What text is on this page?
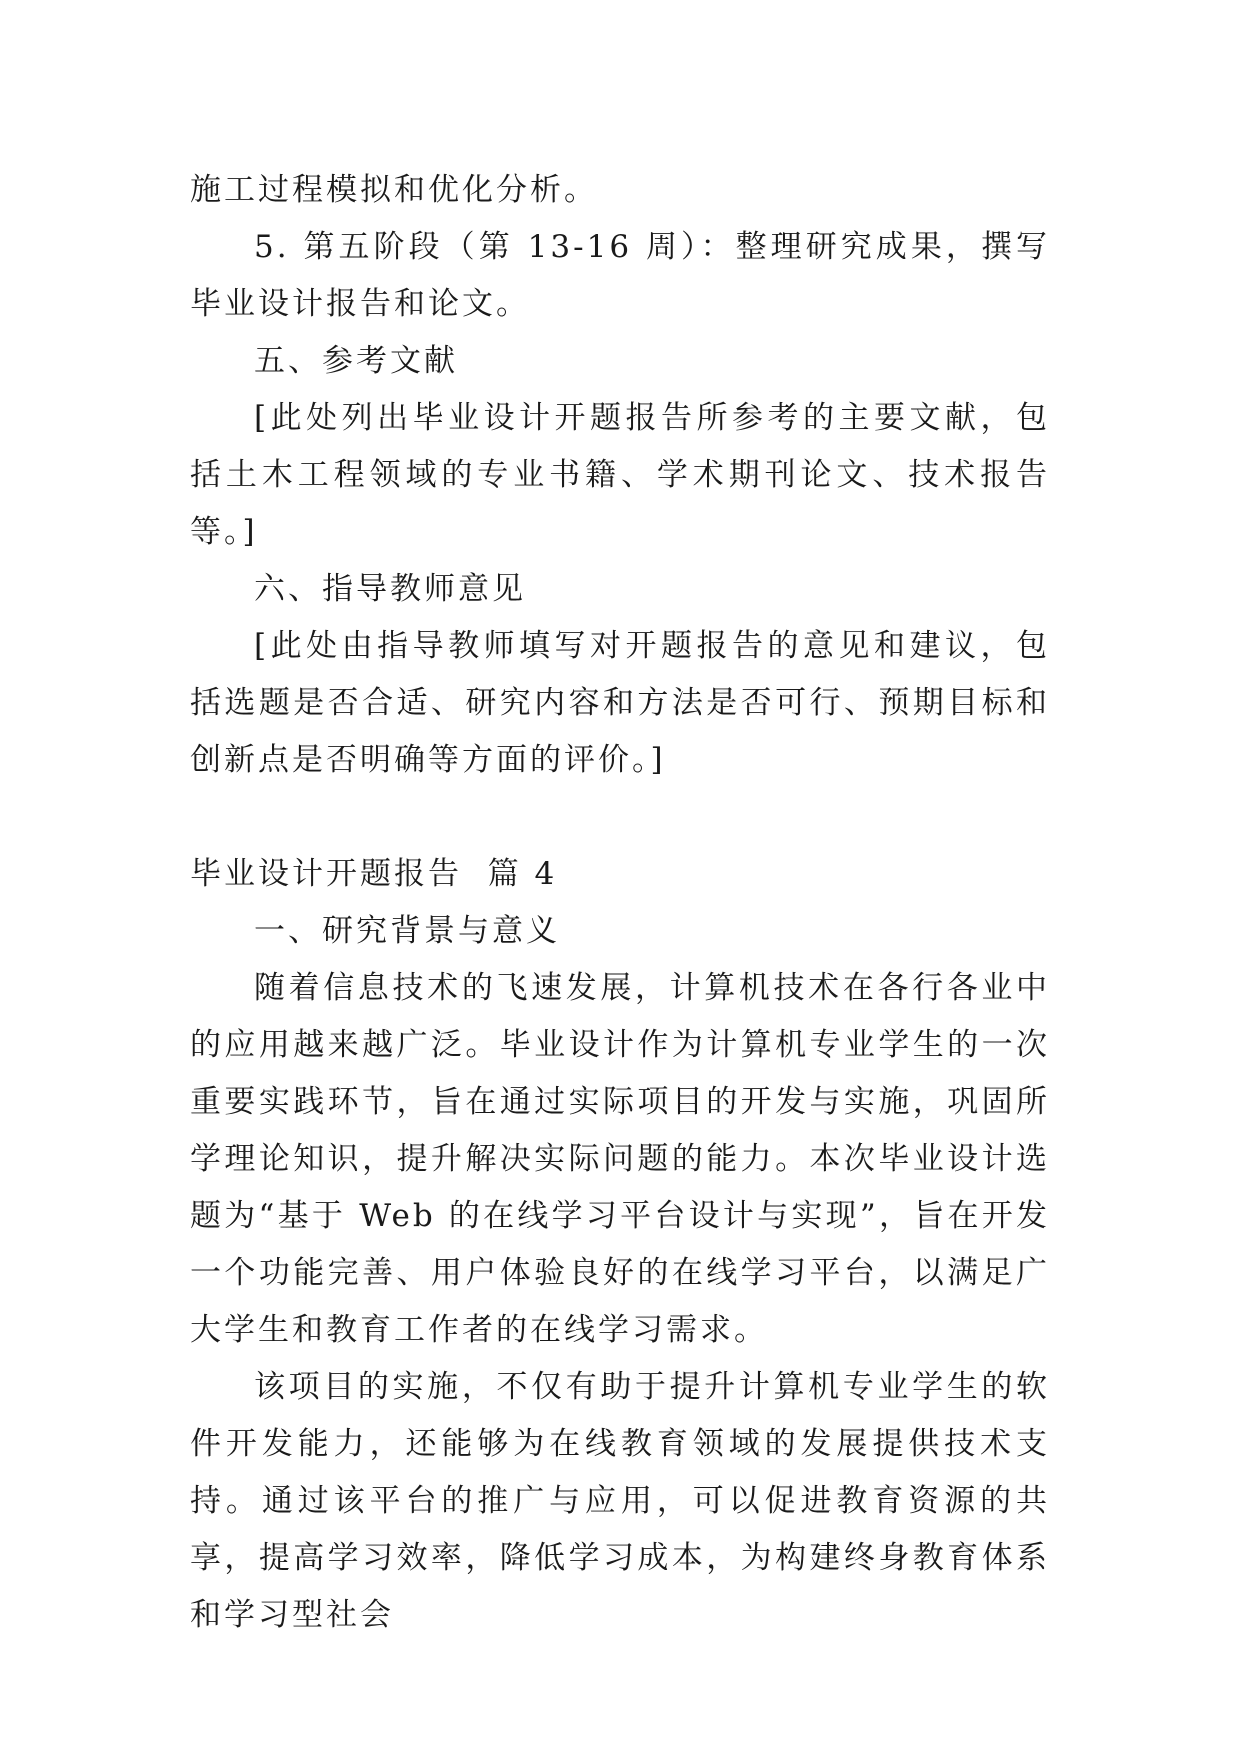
施工过程模拟和优化分析。

5. 第五阶段（第 13-16 周）：整理研究成果，撰写毕业设计报告和论文。

五、参考文献

[此处列出毕业设计开题报告所参考的主要文献，包括土木工程领域的专业书籍、学术期刊论文、技术报告等。]

六、指导教师意见

[此处由指导教师填写对开题报告的意见和建议，包括选题是否合适、研究内容和方法是否可行、预期目标和创新点是否明确等方面的评价。]

毕业设计开题报告  篇 4

一、研究背景与意义

随着信息技术的飞速发展，计算机技术在各行各业中的应用越来越广泛。毕业设计作为计算机专业学生的一次重要实践环节，旨在通过实际项目的开发与实施，巩固所学理论知识，提升解决实际问题的能力。本次毕业设计选题为“基于 Web 的在线学习平台设计与实现”，旨在开发一个功能完善、用户体验良好的在线学习平台，以满足广大学生和教育工作者的在线学习需求。

该项目的实施，不仅有助于提升计算机专业学生的软件开发能力，还能够为在线教育领域的发展提供技术支持。通过该平台的推广与应用，可以促进教育资源的共享，提高学习效率，降低学习成本，为构建终身教育体系和学习型社会
